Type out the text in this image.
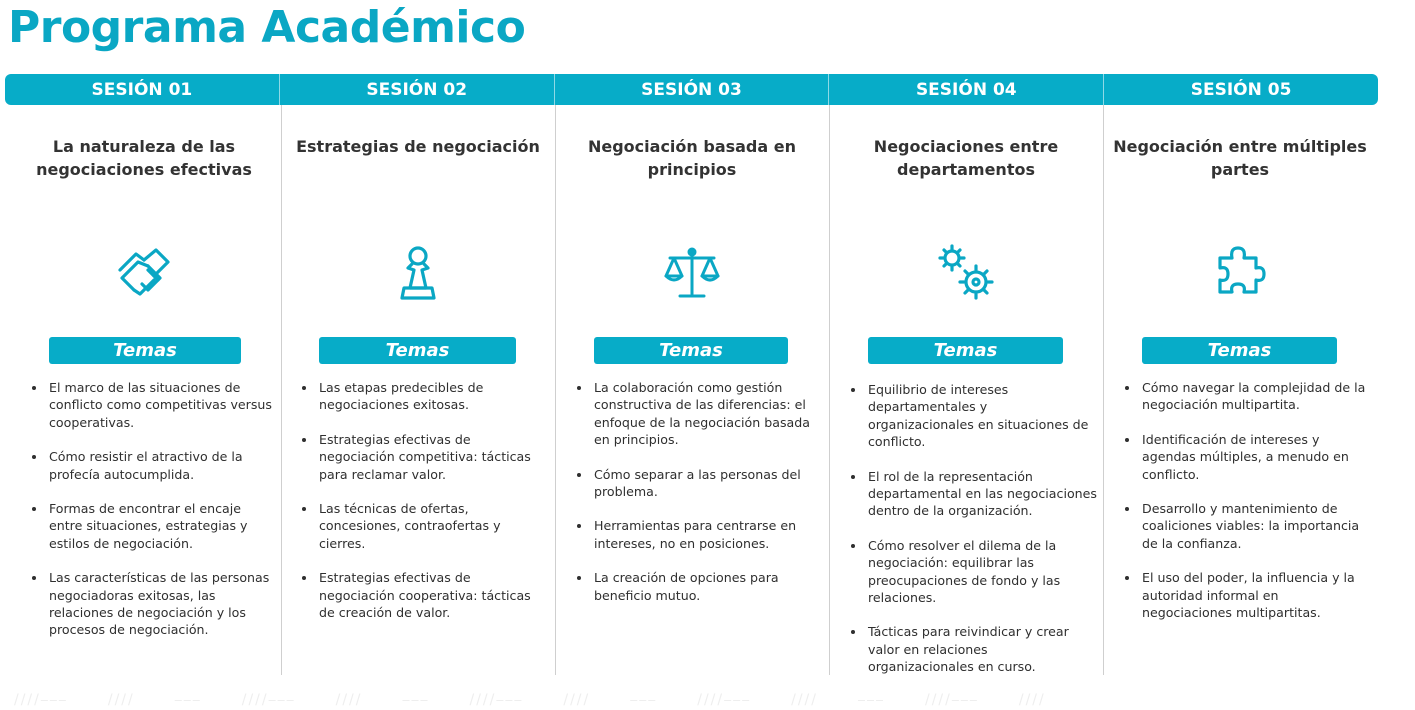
Programa Académico
SESIÓN 01	SESIÓN 02	SESIÓN 03	SESIÓN 04	SESIÓN 05
La naturaleza de las negociaciones efectivas
Temas
• El marco de las situaciones de conflicto como competitivas versus cooperativas.
• Cómo resistir el atractivo de la profecía autocumplida.
• Formas de encontrar el encaje entre situaciones, estrategias y estilos de negociación.
• Las características de las personas negociadoras exitosas, las relaciones de negociación y los procesos de negociación.
Estrategias de negociación
Temas
• Las etapas predecibles de negociaciones exitosas.
• Estrategias efectivas de negociación competitiva: tácticas para reclamar valor.
• Las técnicas de ofertas, concesiones, contraofertas y cierres.
• Estrategias efectivas de negociación cooperativa: tácticas de creación de valor.
Negociación basada en principios
Temas
• La colaboración como gestión constructiva de las diferencias: el enfoque de la negociación basada en principios.
• Cómo separar a las personas del problema.
• Herramientas para centrarse en intereses, no en posiciones.
• La creación de opciones para beneficio mutuo.
Negociaciones entre departamentos
Temas
• Equilibrio de intereses departamentales y organizacionales en situaciones de conflicto.
• El rol de la representación departamental en las negociaciones dentro de la organización.
• Cómo resolver el dilema de la negociación: equilibrar las preocupaciones de fondo y las relaciones.
• Tácticas para reivindicar y crear valor en relaciones organizacionales en curso.
Negociación entre múltiples partes
Temas
• Cómo navegar la complejidad de la negociación multipartita.
• Identificación de intereses y agendas múltiples, a menudo en conflicto.
• Desarrollo y mantenimiento de coaliciones viables: la importancia de la confianza.
• El uso del poder, la influencia y la autoridad informal en negociaciones multipartitas.
////⎯⎯⎯	////	⎯⎯⎯	////⎯⎯⎯	////	⎯⎯⎯	////⎯⎯⎯	////	⎯⎯⎯	////⎯⎯⎯	////	⎯⎯⎯	////⎯⎯⎯	////
